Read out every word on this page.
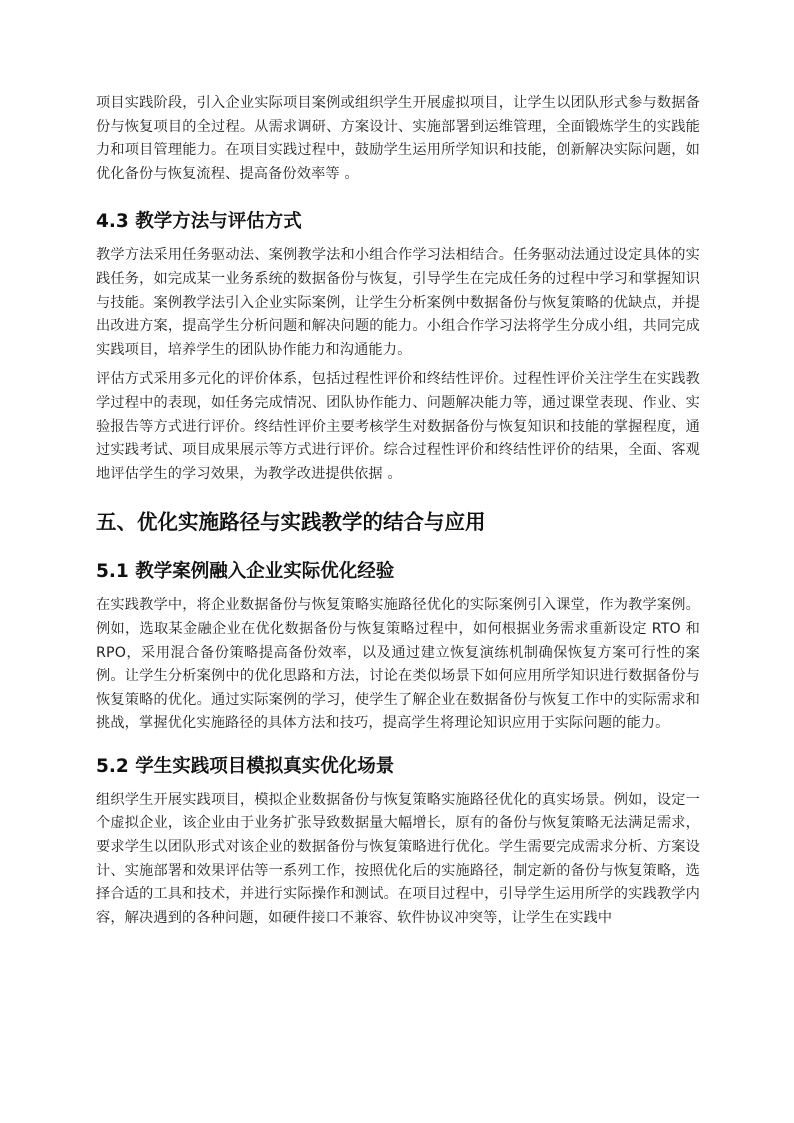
项目实践阶段，引入企业实际项目案例或组织学生开展虚拟项目，让学生以团队形式参与数据备份与恢复项目的全过程。从需求调研、方案设计、实施部署到运维管理，全面锻炼学生的实践能力和项目管理能力。在项目实践过程中，鼓励学生运用所学知识和技能，创新解决实际问题，如优化备份与恢复流程、提高备份效率等 。

4.3 教学方法与评估方式

教学方法采用任务驱动法、案例教学法和小组合作学习法相结合。任务驱动法通过设定具体的实践任务，如完成某一业务系统的数据备份与恢复，引导学生在完成任务的过程中学习和掌握知识与技能。案例教学法引入企业实际案例，让学生分析案例中数据备份与恢复策略的优缺点，并提出改进方案，提高学生分析问题和解决问题的能力。小组合作学习法将学生分成小组，共同完成实践项目，培养学生的团队协作能力和沟通能力。

评估方式采用多元化的评价体系，包括过程性评价和终结性评价。过程性评价关注学生在实践教学过程中的表现，如任务完成情况、团队协作能力、问题解决能力等，通过课堂表现、作业、实验报告等方式进行评价。终结性评价主要考核学生对数据备份与恢复知识和技能的掌握程度，通过实践考试、项目成果展示等方式进行评价。综合过程性评价和终结性评价的结果，全面、客观地评估学生的学习效果，为教学改进提供依据 。

五、优化实施路径与实践教学的结合与应用
5.1 教学案例融入企业实际优化经验

在实践教学中，将企业数据备份与恢复策略实施路径优化的实际案例引入课堂，作为教学案例。例如，选取某金融企业在优化数据备份与恢复策略过程中，如何根据业务需求重新设定 RTO 和 RPO，采用混合备份策略提高备份效率，以及通过建立恢复演练机制确保恢复方案可行性的案例。让学生分析案例中的优化思路和方法，讨论在类似场景下如何应用所学知识进行数据备份与恢复策略的优化。通过实际案例的学习，使学生了解企业在数据备份与恢复工作中的实际需求和挑战，掌握优化实施路径的具体方法和技巧，提高学生将理论知识应用于实际问题的能力。

5.2 学生实践项目模拟真实优化场景

组织学生开展实践项目，模拟企业数据备份与恢复策略实施路径优化的真实场景。例如，设定一个虚拟企业，该企业由于业务扩张导致数据量大幅增长，原有的备份与恢复策略无法满足需求，要求学生以团队形式对该企业的数据备份与恢复策略进行优化。学生需要完成需求分析、方案设计、实施部署和效果评估等一系列工作，按照优化后的实施路径，制定新的备份与恢复策略，选择合适的工具和技术，并进行实际操作和测试。在项目过程中，引导学生运用所学的实践教学内容，解决遇到的各种问题，如硬件接口不兼容、软件协议冲突等，让学生在实践中
